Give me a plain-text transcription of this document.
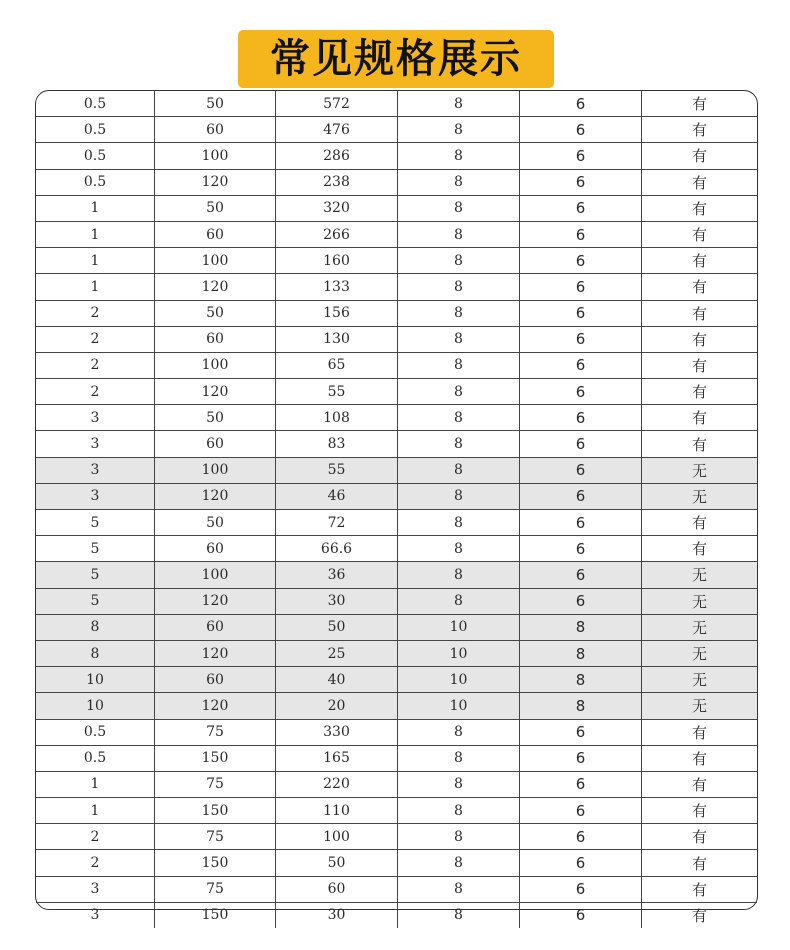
常见规格展示
0.5	50	572	8	6	有
0.5	60	476	8	6	有
0.5	100	286	8	6	有
0.5	120	238	8	6	有
1	50	320	8	6	有
1	60	266	8	6	有
1	100	160	8	6	有
1	120	133	8	6	有
2	50	156	8	6	有
2	60	130	8	6	有
2	100	65	8	6	有
2	120	55	8	6	有
3	50	108	8	6	有
3	60	83	8	6	有
3	100	55	8	6	无
3	120	46	8	6	无
5	50	72	8	6	有
5	60	66.6	8	6	有
5	100	36	8	6	无
5	120	30	8	6	无
8	60	50	10	8	无
8	120	25	10	8	无
10	60	40	10	8	无
10	120	20	10	8	无
0.5	75	330	8	6	有
0.5	150	165	8	6	有
1	75	220	8	6	有
1	150	110	8	6	有
2	75	100	8	6	有
2	150	50	8	6	有
3	75	60	8	6	有
3	150	30	8	6	有
